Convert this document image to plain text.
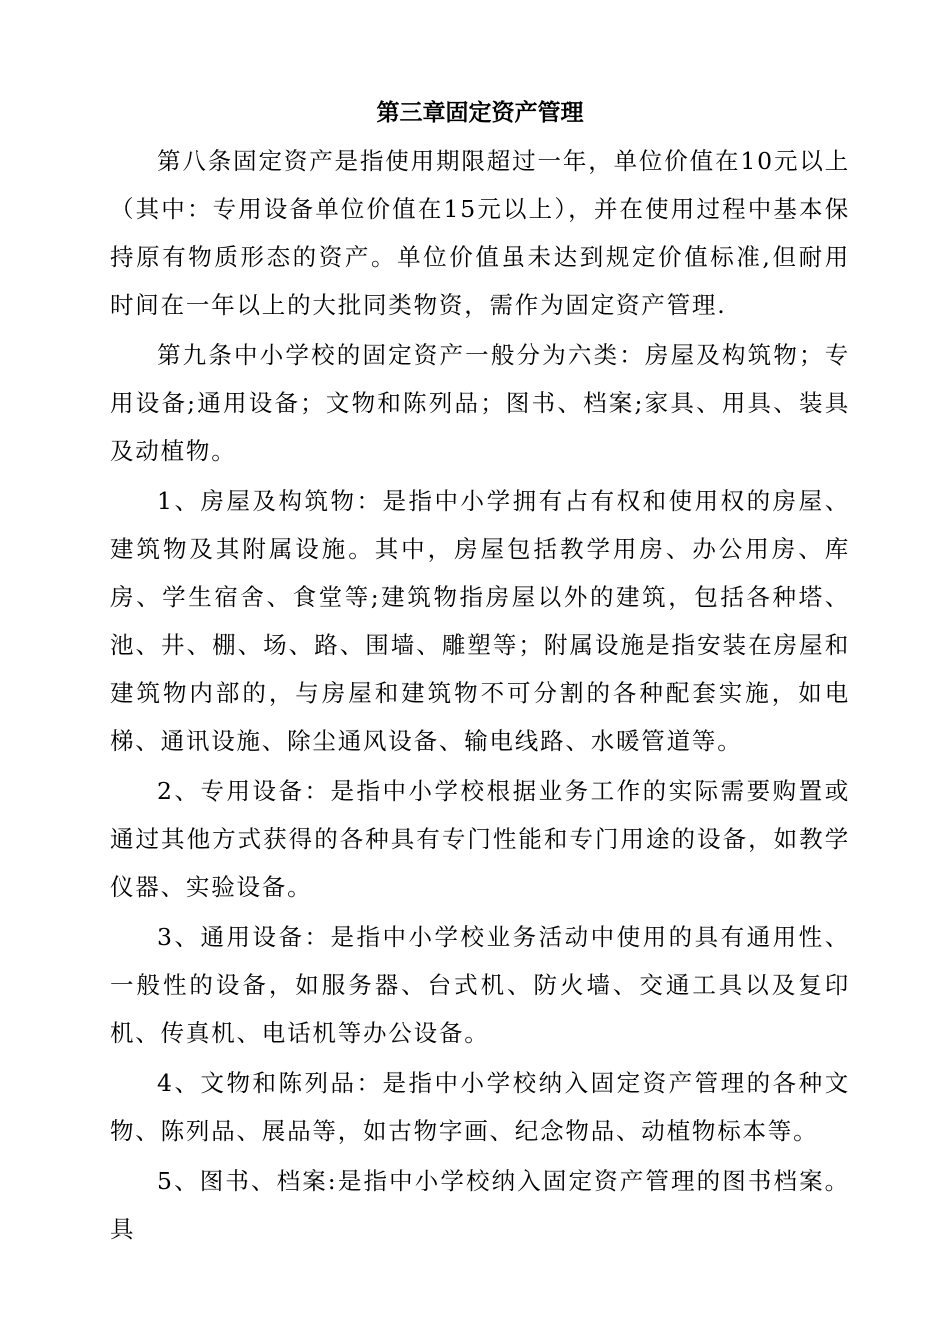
第三章固定资产管理

第八条固定资产是指使用期限超过一年，单位价值在10元以上（其中：专用设备单位价值在15元以上），并在使用过程中基本保持原有物质形态的资产。单位价值虽未达到规定价值标准,但耐用时间在一年以上的大批同类物资，需作为固定资产管理.

第九条中小学校的固定资产一般分为六类：房屋及构筑物；专用设备;通用设备；文物和陈列品；图书、档案;家具、用具、装具及动植物。

1、房屋及构筑物：是指中小学拥有占有权和使用权的房屋、建筑物及其附属设施。其中，房屋包括教学用房、办公用房、库房、学生宿舍、食堂等;建筑物指房屋以外的建筑，包括各种塔、池、井、棚、场、路、围墙、雕塑等；附属设施是指安装在房屋和建筑物内部的，与房屋和建筑物不可分割的各种配套实施，如电梯、通讯设施、除尘通风设备、输电线路、水暖管道等。

2、专用设备：是指中小学校根据业务工作的实际需要购置或通过其他方式获得的各种具有专门性能和专门用途的设备，如教学仪器、实验设备。

3、通用设备：是指中小学校业务活动中使用的具有通用性、一般性的设备，如服务器、台式机、防火墙、交通工具以及复印机、传真机、电话机等办公设备。

4、文物和陈列品：是指中小学校纳入固定资产管理的各种文物、陈列品、展品等，如古物字画、纪念物品、动植物标本等。

5、图书、档案:是指中小学校纳入固定资产管理的图书档案。具
